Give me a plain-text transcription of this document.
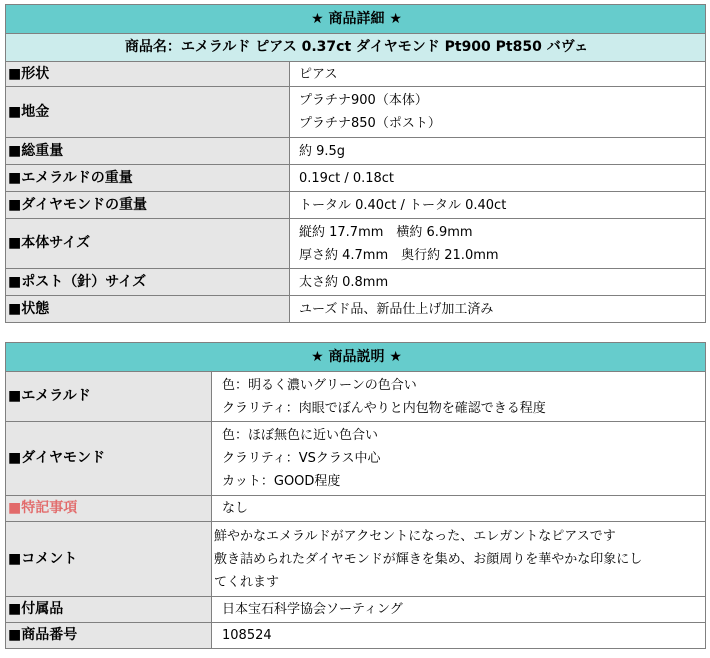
★ 商品詳細 ★	
商品名：エメラルド ピアス 0.37ct ダイヤモンド Pt900 Pt850 バヴェ	
■形状	ピアス

■地金	プラチナ900（本体）
プラチナ850（ポスト）

■総重量	約 9.5g

■エメラルドの重量	0.19ct / 0.18ct

■ダイヤモンドの重量	トータル 0.40ct / トータル 0.40ct

■本体サイズ	縦約 17.7mm　横約 6.9mm
厚さ約 4.7mm　奥行約 21.0mm

■ポスト（針）サイズ	太さ約 0.8mm

■状態	ユーズド品、新品仕上げ加工済み
★ 商品説明 ★	
■エメラルド	色：明るく濃いグリーンの色合い
クラリティ：肉眼でぼんやりと内包物を確認できる程度

■ダイヤモンド	色：ほぼ無色に近い色合い
クラリティ：VSクラス中心
カット：GOOD程度

■特記事項	なし

■コメント	鮮やかなエメラルドがアクセントになった、エレガントなピアスです
敷き詰められたダイヤモンドが輝きを集め、お顔周りを華やかな印象にし
てくれます

■付属品	日本宝石科学協会ソーティング

■商品番号	108524
